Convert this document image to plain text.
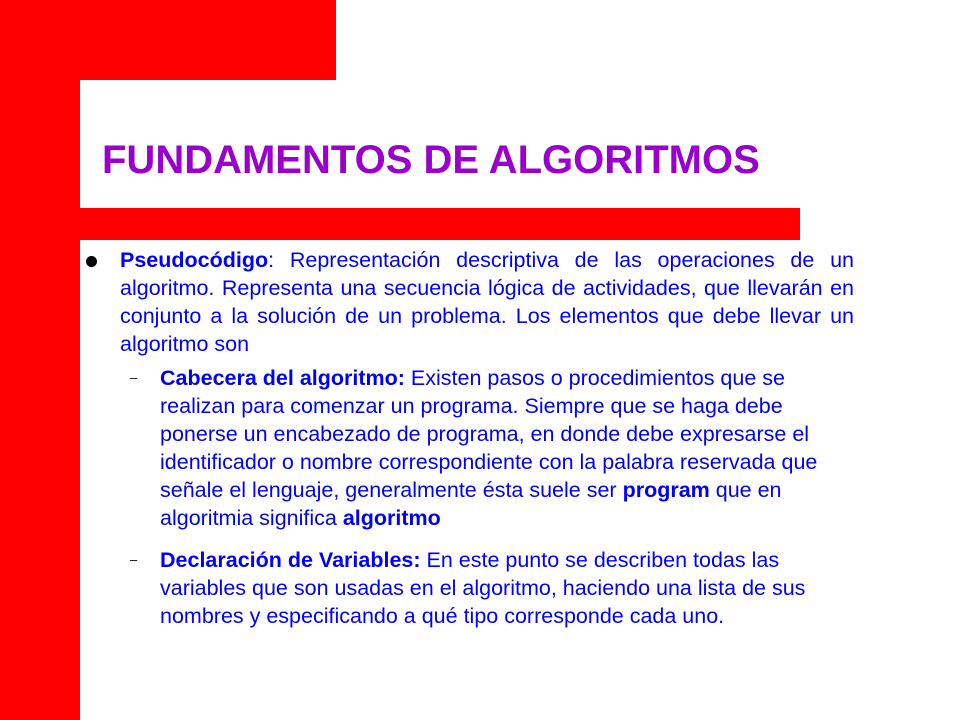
FUNDAMENTOS DE ALGORITMOS
Pseudocódigo: Representación descriptiva de las operaciones de un algoritmo. Representa una secuencia lógica de actividades, que llevarán en conjunto a la solución de un problema. Los elementos que debe llevar un algoritmo son
– Cabecera del algoritmo: Existen pasos o procedimientos que se realizan para comenzar un programa. Siempre que se haga debe ponerse un encabezado de programa, en donde debe expresarse el identificador o nombre correspondiente con la palabra reservada que señale el lenguaje, generalmente ésta suele ser program que en algoritmia significa algoritmo
– Declaración de Variables: En este punto se describen todas las variables que son usadas en el algoritmo, haciendo una lista de sus nombres y especificando a qué tipo corresponde cada uno.
